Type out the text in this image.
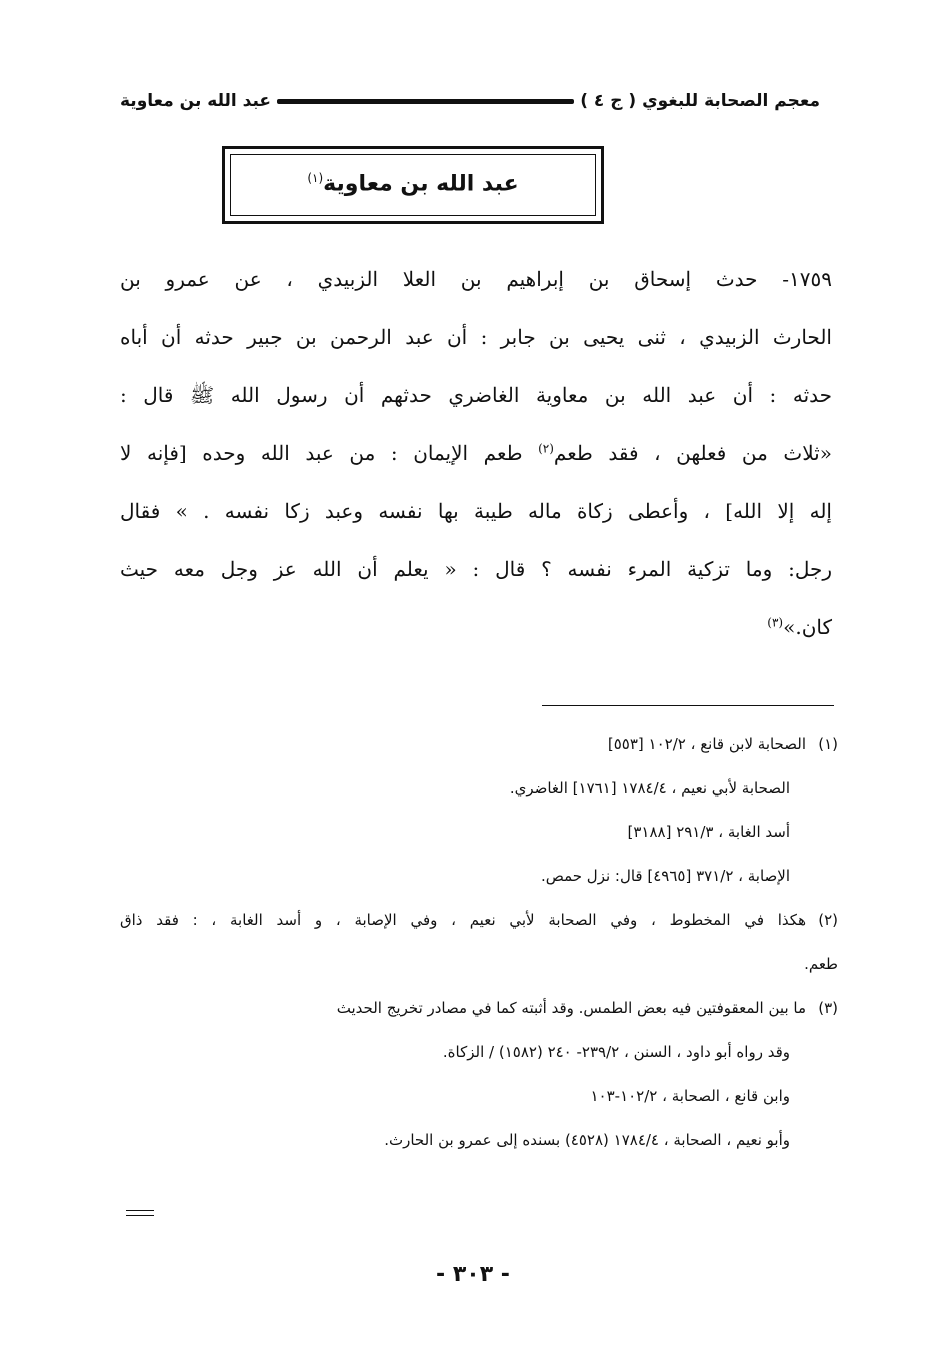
معجم الصحابة للبغوي ( ج ٤ )
عبد الله بن معاوية
عبد الله بن معاوية$^{(١)}$
١٧٥٩- حدث إسحاق بن إبراهيم بن العلا الزبيدي ، عن عمرو بن
الحارث الزبيدي ، ثنى يحيى بن جابر : أن عبد الرحمن بن جبير حدثه أن أباه
حدثه : أن عبد الله بن معاوية الغاضري حدثهم أن رسول الله ﷺ قال :
«ثلاث من فعلهن ، فقد طعم$^{(٢)}$ طعم الإيمان : من عبد الله وحده [فإنه لا
إله إلا الله] ، وأعطى زكاة ماله طيبة بها نفسه وعبد زكا نفسه . » فقال
رجل: وما تزكية المرء نفسه ؟ قال : « يعلم أن الله عز وجل معه حيث
كان.»$^{(٣)}$
(١)
الصحابة لابن قانع ، ١٠٢/٢ [٥٥٣]
الصحابة لأبي نعيم ، ١٧٨٤/٤ [١٧٦١] الغاضري.
أسد الغابة ، ٢٩١/٣ [٣١٨٨]
الإصابة ، ٣٧١/٢ [٤٩٦٥] قال: نزل حمص.
(٢)
هكذا في المخطوط ، وفي الصحابة لأبي نعيم ، وفي الإصابة ، و أسد الغابة ، : فقد ذاق
طعم.
(٣)
ما بين المعقوفتين فيه بعض الطمس. وقد أثبته كما في مصادر تخريج الحديث
وقد رواه أبو داود ، السنن ، ٢٣٩/٢- ٢٤٠ (١٥٨٢) / الزكاة.
وابن قانع ، الصحابة ، ١٠٢/٢-١٠٣
وأبو نعيم ، الصحابة ، ١٧٨٤/٤ (٤٥٢٨) بسنده إلى عمرو بن الحارث.
- ٣٠٣ -
